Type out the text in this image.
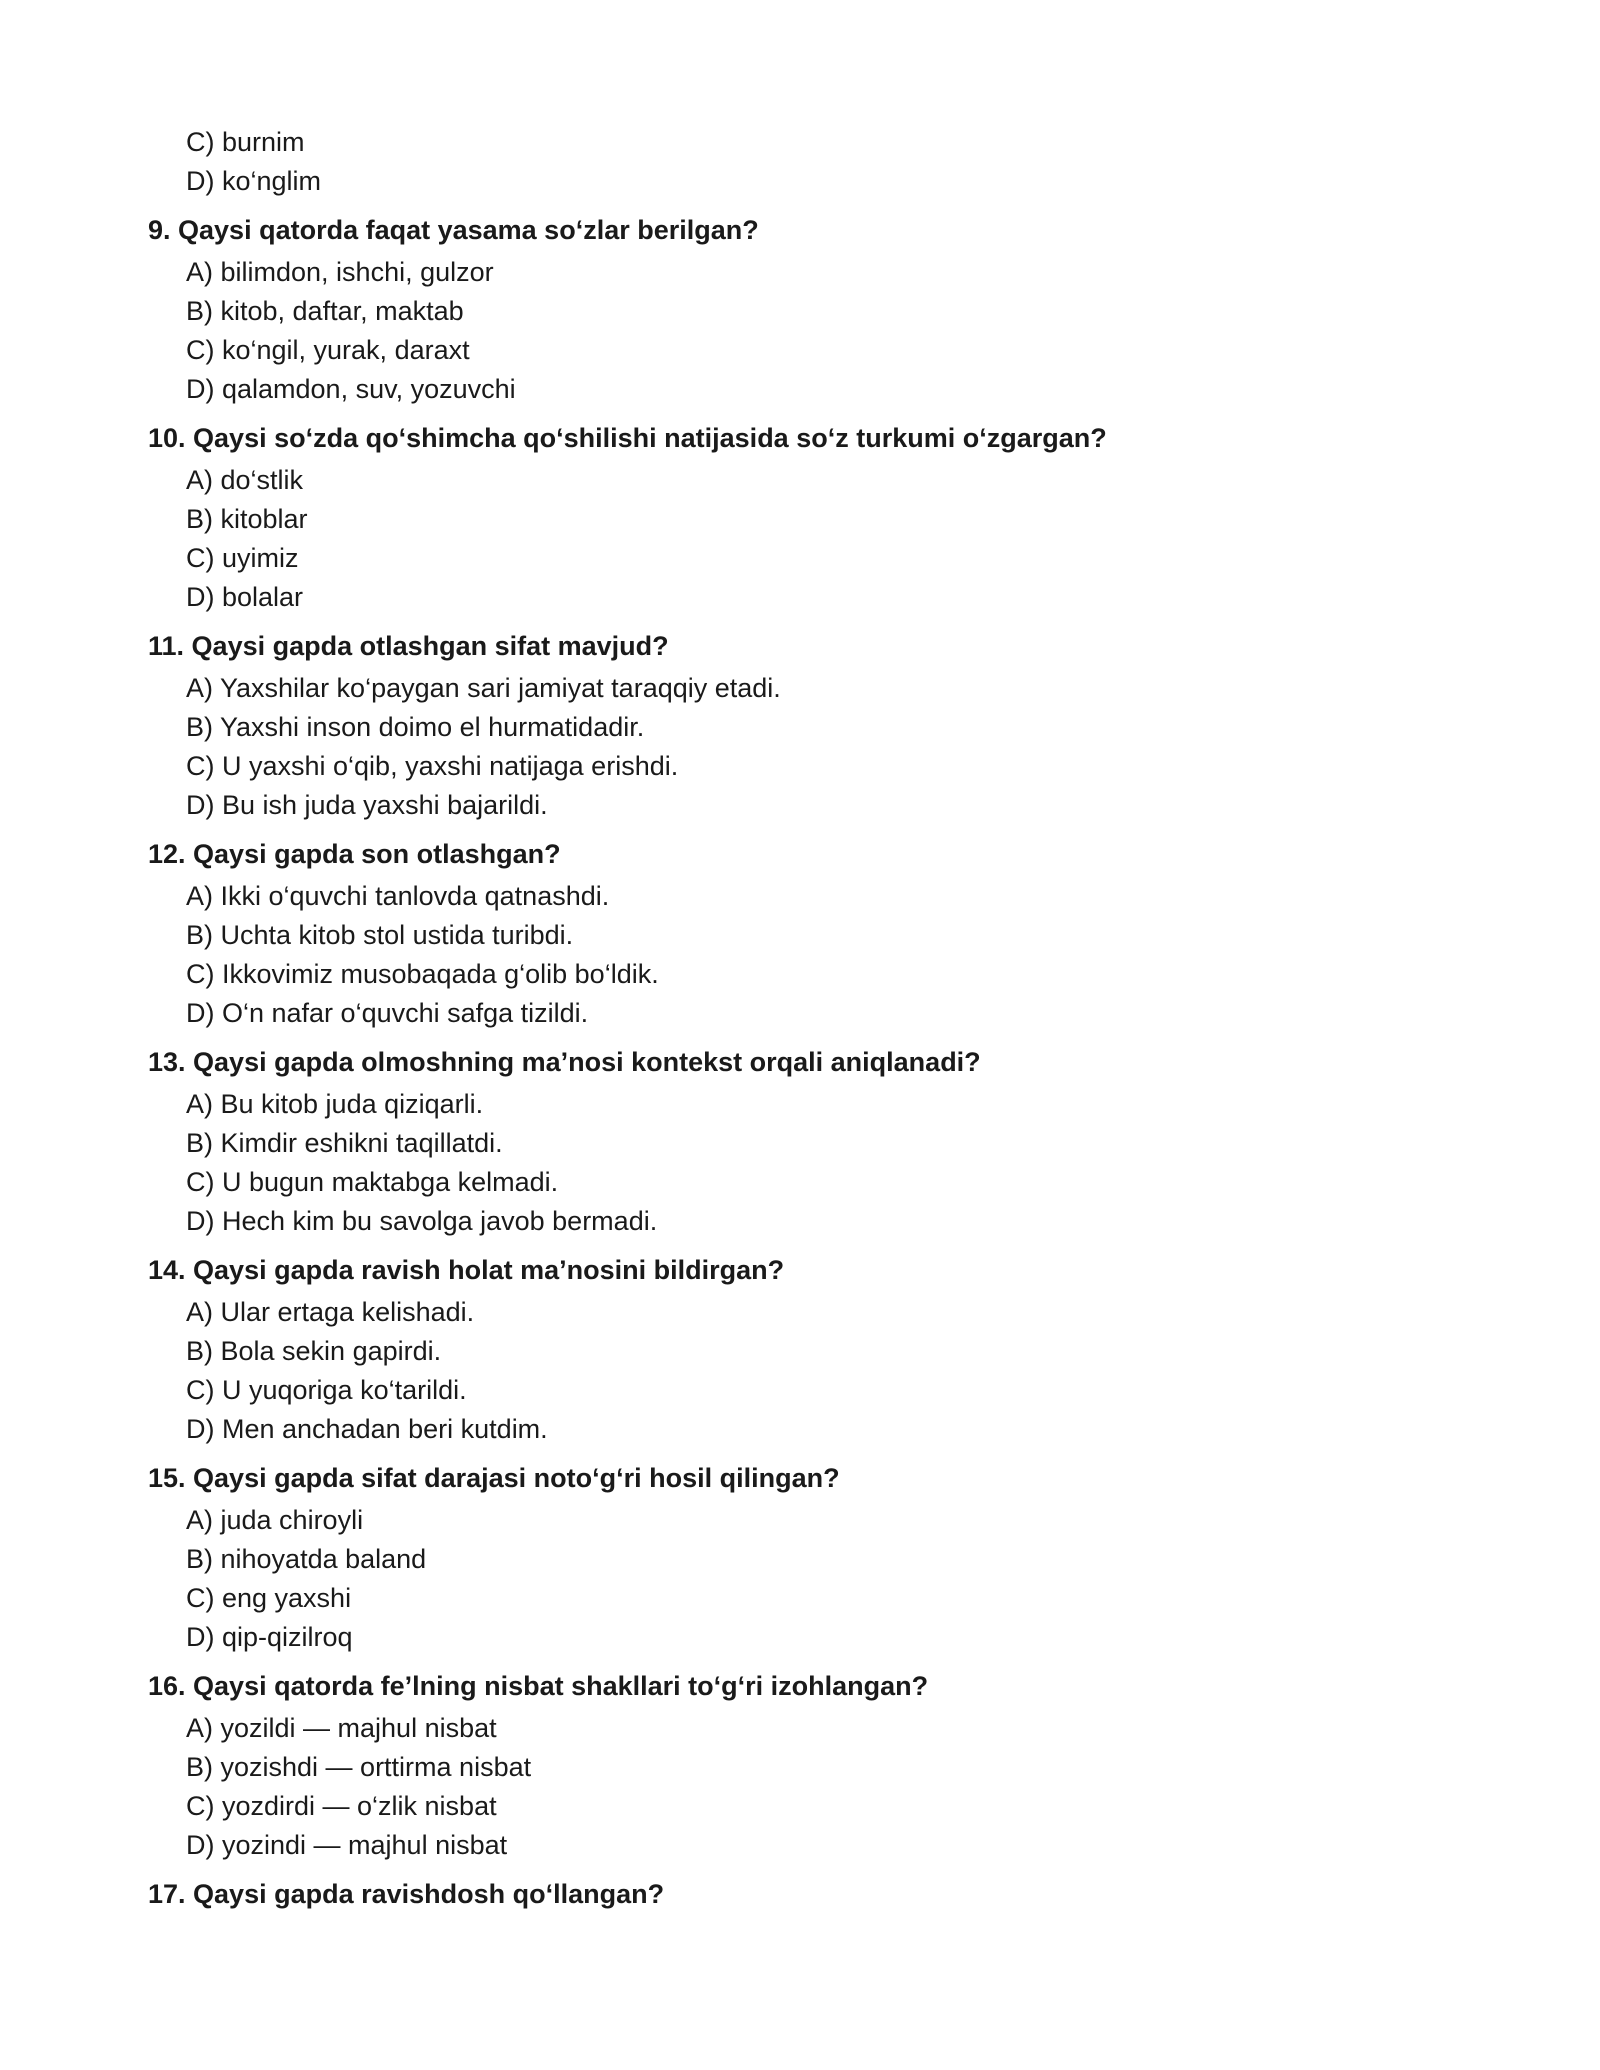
C) burnim
D) ko‘nglim
9. Qaysi qatorda faqat yasama so‘zlar berilgan?
A) bilimdon, ishchi, gulzor
B) kitob, daftar, maktab
C) ko‘ngil, yurak, daraxt
D) qalamdon, suv, yozuvchi
10. Qaysi so‘zda qo‘shimcha qo‘shilishi natijasida so‘z turkumi o‘zgargan?
A) do‘stlik
B) kitoblar
C) uyimiz
D) bolalar
11. Qaysi gapda otlashgan sifat mavjud?
A) Yaxshilar ko‘paygan sari jamiyat taraqqiy etadi.
B) Yaxshi inson doimo el hurmatidadir.
C) U yaxshi o‘qib, yaxshi natijaga erishdi.
D) Bu ish juda yaxshi bajarildi.
12. Qaysi gapda son otlashgan?
A) Ikki o‘quvchi tanlovda qatnashdi.
B) Uchta kitob stol ustida turibdi.
C) Ikkovimiz musobaqada g‘olib bo‘ldik.
D) O‘n nafar o‘quvchi safga tizildi.
13. Qaysi gapda olmoshning ma’nosi kontekst orqali aniqlanadi?
A) Bu kitob juda qiziqarli.
B) Kimdir eshikni taqillatdi.
C) U bugun maktabga kelmadi.
D) Hech kim bu savolga javob bermadi.
14. Qaysi gapda ravish holat ma’nosini bildirgan?
A) Ular ertaga kelishadi.
B) Bola sekin gapirdi.
C) U yuqoriga ko‘tarildi.
D) Men anchadan beri kutdim.
15. Qaysi gapda sifat darajasi noto‘g‘ri hosil qilingan?
A) juda chiroyli
B) nihoyatda baland
C) eng yaxshi
D) qip-qizilroq
16. Qaysi qatorda fe’lning nisbat shakllari to‘g‘ri izohlangan?
A) yozildi — majhul nisbat
B) yozishdi — orttirma nisbat
C) yozdirdi — o‘zlik nisbat
D) yozindi — majhul nisbat
17. Qaysi gapda ravishdosh qo‘llangan?
